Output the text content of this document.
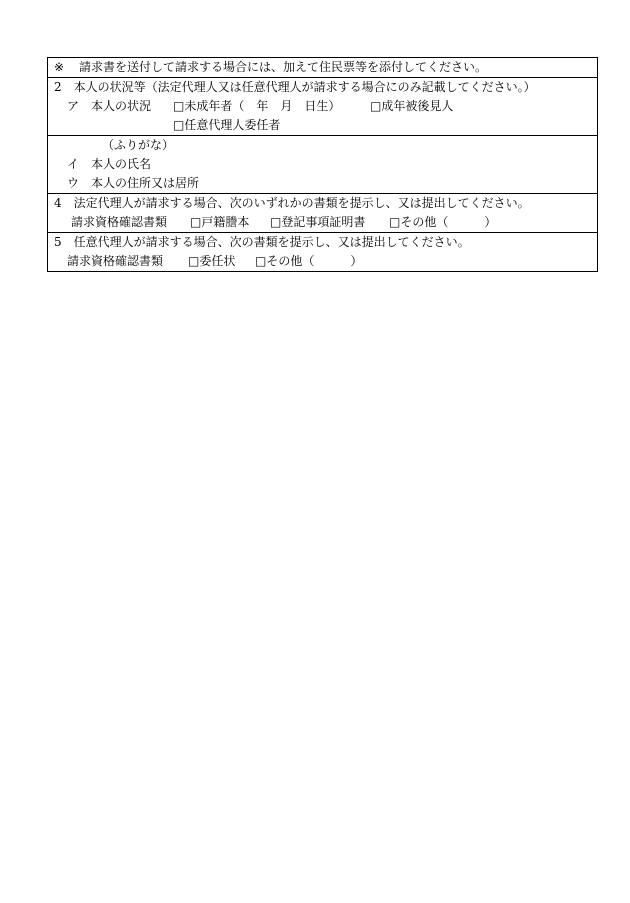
※ 請求書を送付して請求する場合には、加えて住民票等を添付してください。
2　本人の状況等（法定代理人又は任意代理人が請求する場合にのみ記載してください。）
ア　本人の状況 □未成年者（　年　月　日生） □成年被後見人
□任意代理人委任者
（ふりがな）
イ　本人の氏名
ウ　本人の住所又は居所
4　法定代理人が請求する場合、次のいずれかの書類を提示し、又は提出してください。
請求資格確認書類 □戸籍謄本 □登記事項証明書 □その他（　　　）
5　任意代理人が請求する場合、次の書類を提示し、又は提出してください。
請求資格確認書類 □委任状 □その他（　　　）
